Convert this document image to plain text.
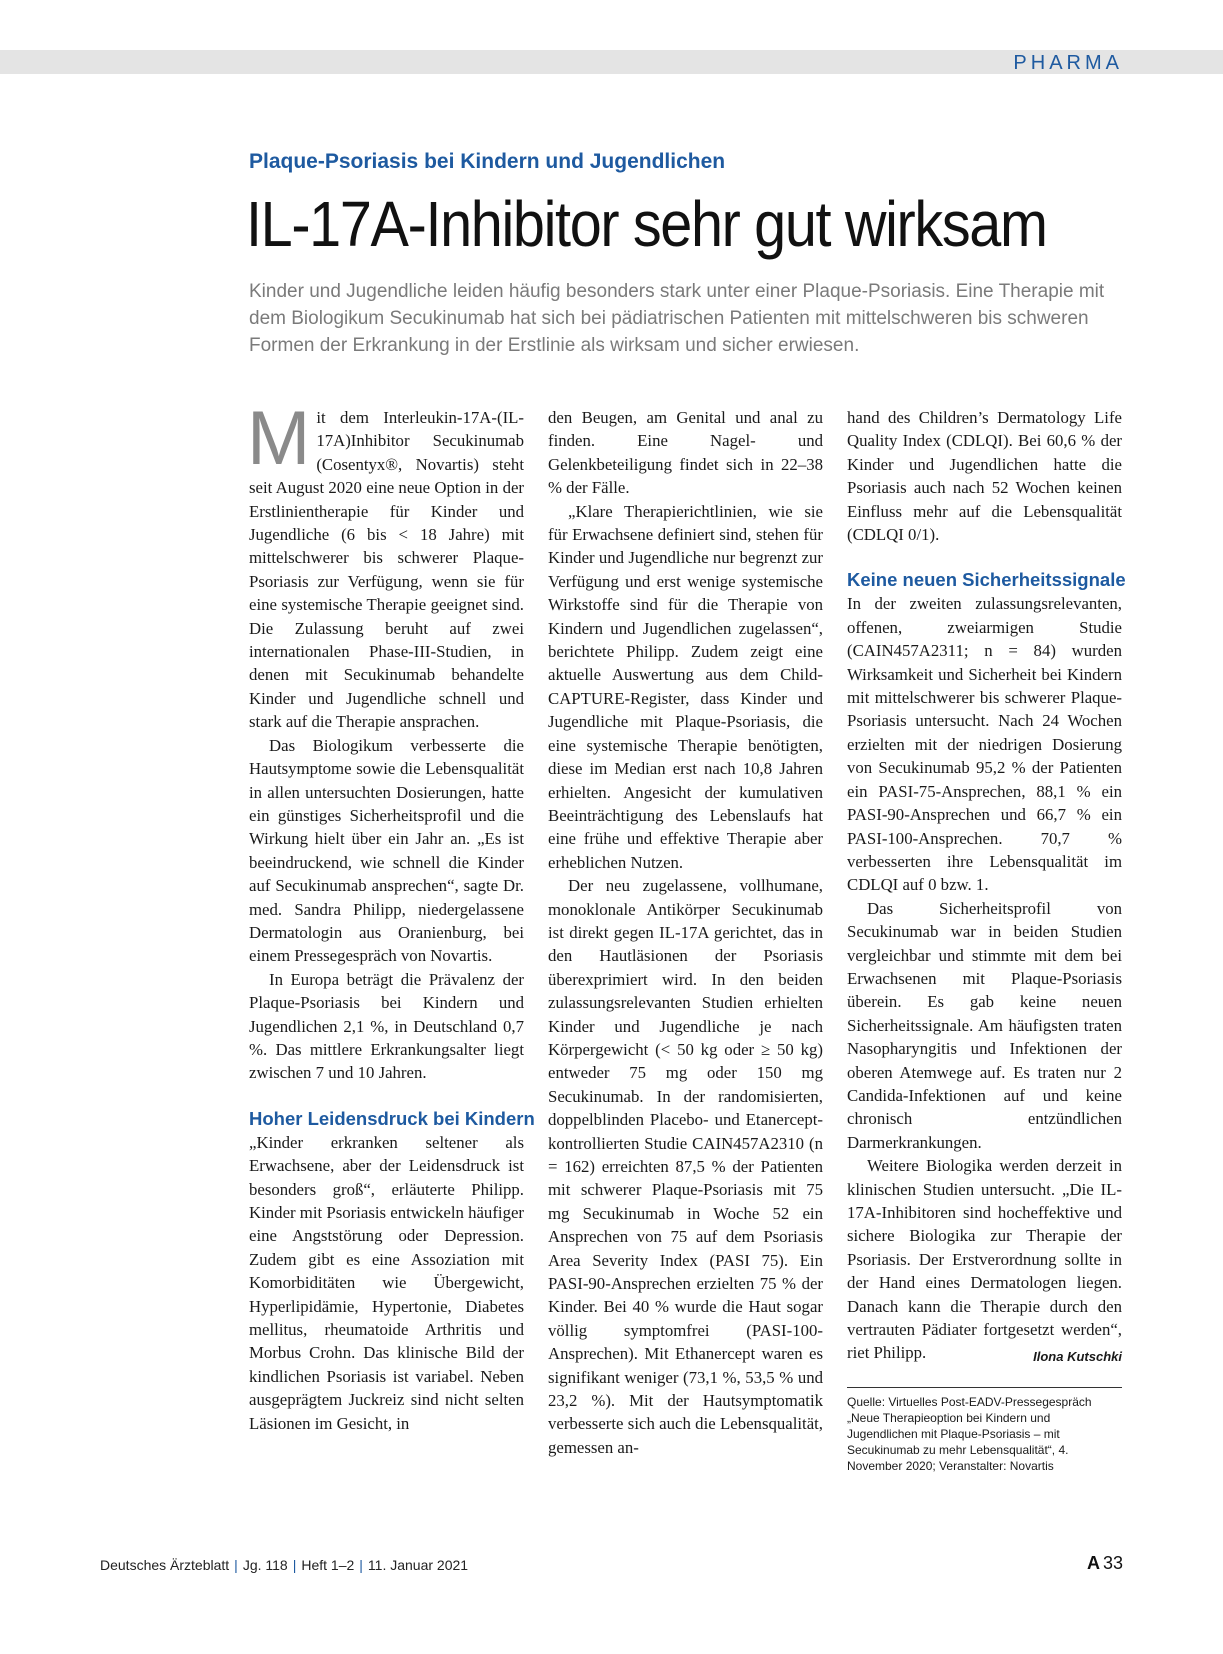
PHARMA
Plaque-Psoriasis bei Kindern und Jugendlichen
IL-17A-Inhibitor sehr gut wirksam

Kinder und Jugendliche leiden häufig besonders stark unter einer Plaque-Psoriasis. Eine Therapie mit dem Biologikum Secukinumab hat sich bei pädiatrischen Patienten mit mittelschweren bis schweren Formen der Erkrankung in der Erstlinie als wirksam und sicher erwiesen.

Mit dem Interleukin-17A-(IL-17A)Inhibitor Secukinumab (Cosentyx®, Novartis) steht seit August 2020 eine neue Option in der Erstlinientherapie für Kinder und Jugendliche (6 bis < 18 Jahre) mit mittelschwerer bis schwerer Plaque-Psoriasis zur Verfügung, wenn sie für eine systemische Therapie geeignet sind. Die Zulassung beruht auf zwei internationalen Phase-III-Studien, in denen mit Secukinumab behandelte Kinder und Jugendliche schnell und stark auf die Therapie ansprachen.

Das Biologikum verbesserte die Hautsymptome sowie die Lebensqualität in allen untersuchten Dosierungen, hatte ein günstiges Sicherheitsprofil und die Wirkung hielt über ein Jahr an. „Es ist beeindruckend, wie schnell die Kinder auf Secukinumab ansprechen“, sagte Dr. med. Sandra Philipp, niedergelassene Dermatologin aus Oranienburg, bei einem Pressegespräch von Novartis.

In Europa beträgt die Prävalenz der Plaque-Psoriasis bei Kindern und Jugendlichen 2,1 %, in Deutschland 0,7 %. Das mittlere Erkrankungsalter liegt zwischen 7 und 10 Jahren.

Hoher Leidensdruck bei Kindern

„Kinder erkranken seltener als Erwachsene, aber der Leidensdruck ist besonders groß“, erläuterte Philipp. Kinder mit Psoriasis entwickeln häufiger eine Angststörung oder Depression. Zudem gibt es eine Assoziation mit Komorbiditäten wie Übergewicht, Hyperlipidämie, Hypertonie, Diabetes mellitus, rheumatoide Arthritis und Morbus Crohn. Das klinische Bild der kindlichen Psoriasis ist variabel. Neben ausgeprägtem Juckreiz sind nicht selten Läsionen im Gesicht, in

den Beugen, am Genital und anal zu finden. Eine Nagel- und Gelenkbeteiligung findet sich in 22–38 % der Fälle.

„Klare Therapierichtlinien, wie sie für Erwachsene definiert sind, stehen für Kinder und Jugendliche nur begrenzt zur Verfügung und erst wenige systemische Wirkstoffe sind für die Therapie von Kindern und Jugendlichen zugelassen“, berichtete Philipp. Zudem zeigt eine aktuelle Auswertung aus dem Child-CAPTURE-Register, dass Kinder und Jugendliche mit Plaque-Psoriasis, die eine systemische Therapie benötigten, diese im Median erst nach 10,8 Jahren erhielten. Angesicht der kumulativen Beeinträchtigung des Lebenslaufs hat eine frühe und effektive Therapie aber erheblichen Nutzen.

Der neu zugelassene, vollhumane, monoklonale Antikörper Secukinumab ist direkt gegen IL-17A gerichtet, das in den Hautläsionen der Psoriasis überexprimiert wird. In den beiden zulassungsrelevanten Studien erhielten Kinder und Jugendliche je nach Körpergewicht (< 50 kg oder ≥ 50 kg) entweder 75 mg oder 150 mg Secukinumab. In der randomisierten, doppelblinden Placebo- und Etanercept-kontrollierten Studie CAIN457A2310 (n = 162) erreichten 87,5 % der Patienten mit schwerer Plaque-Psoriasis mit 75 mg Secukinumab in Woche 52 ein Ansprechen von 75 auf dem Psoriasis Area Severity Index (PASI 75). Ein PASI-90-Ansprechen erzielten 75 % der Kinder. Bei 40 % wurde die Haut sogar völlig symptomfrei (PASI-100-Ansprechen). Mit Ethanercept waren es signifikant weniger (73,1 %, 53,5 % und 23,2 %). Mit der Hautsymptomatik verbesserte sich auch die Lebensqualität, gemessen an-

hand des Children’s Dermatology Life Quality Index (CDLQI). Bei 60,6 % der Kinder und Jugendlichen hatte die Psoriasis auch nach 52 Wochen keinen Einfluss mehr auf die Lebensqualität (CDLQI 0/1).

Keine neuen Sicherheitssignale

In der zweiten zulassungsrelevanten, offenen, zweiarmigen Studie (CAIN457A2311; n = 84) wurden Wirksamkeit und Sicherheit bei Kindern mit mittelschwerer bis schwerer Plaque-Psoriasis untersucht. Nach 24 Wochen erzielten mit der niedrigen Dosierung von Secukinumab 95,2 % der Patienten ein PASI-75-Ansprechen, 88,1 % ein PASI-90-Ansprechen und 66,7 % ein PASI-100-Ansprechen. 70,7 % verbesserten ihre Lebensqualität im CDLQI auf 0 bzw. 1.

Das Sicherheitsprofil von Secukinumab war in beiden Studien vergleichbar und stimmte mit dem bei Erwachsenen mit Plaque-Psoriasis überein. Es gab keine neuen Sicherheitssignale. Am häufigsten traten Nasopharyngitis und Infektionen der oberen Atemwege auf. Es traten nur 2 Candida-Infektionen auf und keine chronisch entzündlichen Darmerkrankungen.

Weitere Biologika werden derzeit in klinischen Studien untersucht. „Die IL-17A-Inhibitoren sind hocheffektive und sichere Biologika zur Therapie der Psoriasis. Der Erstverordnung sollte in der Hand eines Dermatologen liegen. Danach kann die Therapie durch den vertrauten Pädiater fortgesetzt werden“, riet Philipp.	Ilona Kutschki

Quelle: Virtuelles Post-EADV-Pressegespräch
„Neue Therapieoption bei Kindern und Jugendlichen mit Plaque-Psoriasis – mit Secukinumab zu mehr Lebensqualität“, 4. November 2020; Veranstalter: Novartis
Deutsches Ärzteblatt | Jg. 118 | Heft 1–2 | 11. Januar 2021	A 33
